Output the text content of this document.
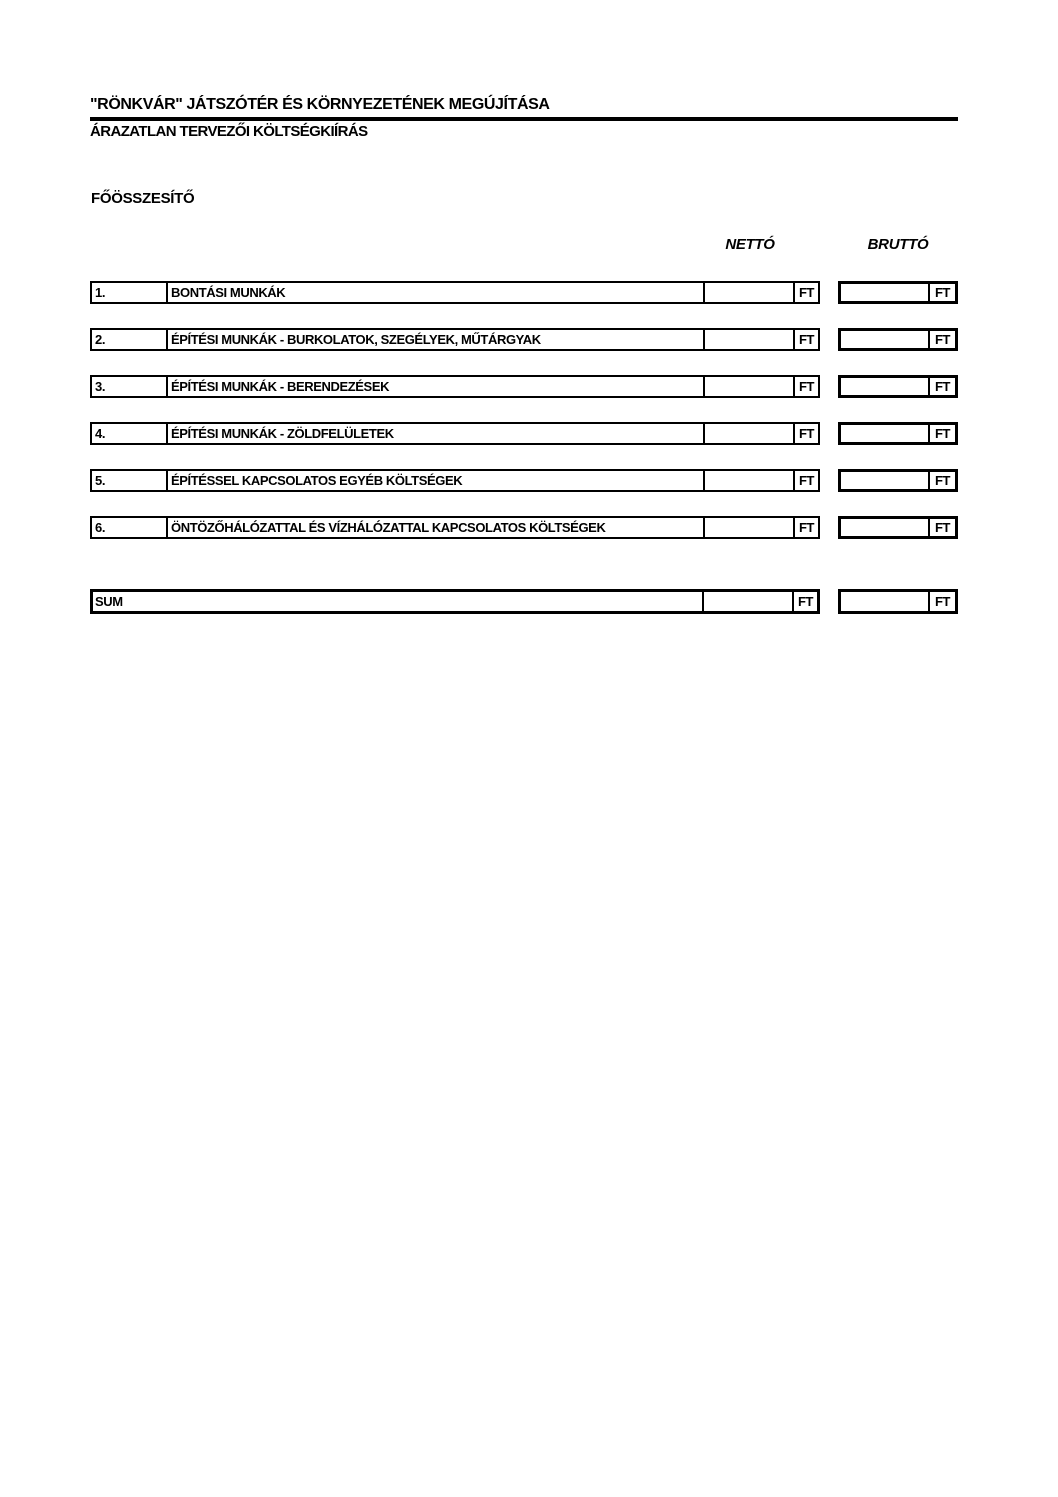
"RÖNKVÁR" JÁTSZÓTÉR ÉS KÖRNYEZETÉNEK MEGÚJÍTÁSA
ÁRAZATLAN TERVEZŐI KÖLTSÉGKIÍRÁS
FŐÖSSZESÍTŐ
NETTÓ	BRUTTÓ
1.	BONTÁSI MUNKÁK	FT	FT
2.	ÉPÍTÉSI MUNKÁK - BURKOLATOK, SZEGÉLYEK, MŰTÁRGYAK	FT	FT
3.	ÉPÍTÉSI MUNKÁK - BERENDEZÉSEK	FT	FT
4.	ÉPÍTÉSI MUNKÁK - ZÖLDFELÜLETEK	FT	FT
5.	ÉPÍTÉSSEL KAPCSOLATOS EGYÉB KÖLTSÉGEK	FT	FT
6.	ÖNTÖZŐHÁLÓZATTAL ÉS VÍZHÁLÓZATTAL KAPCSOLATOS KÖLTSÉGEK	FT	FT
SUM	FT	FT
